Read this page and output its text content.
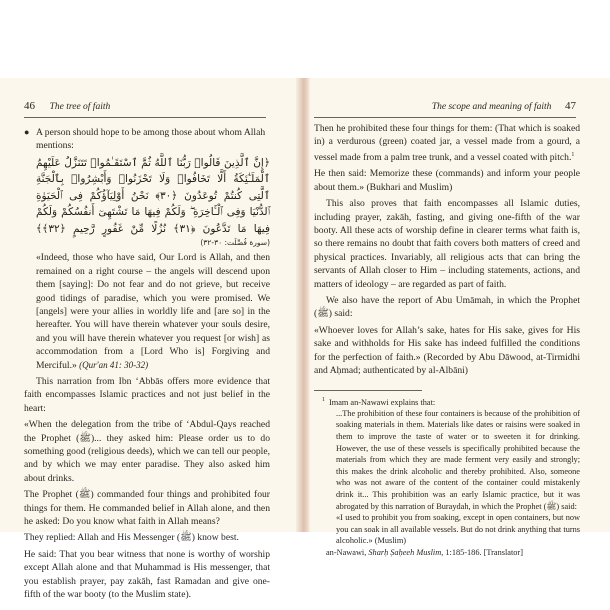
46 The tree of faith
● A person should hope to be among those about whom Allah mentions:
﴿إِنَّ ٱلَّذِينَ قَالُوا۟ رَبُّنَا ٱللَّهُ ثُمَّ ٱسْتَقَـٰمُوا۟ تَتَنَزَّلُ عَلَيْهِمُ ٱلْمَلَـٰٓئِكَةُ أَلَّا تَخَافُوا۟ وَلَا تَحْزَنُوا۟ وَأَبْشِرُوا۟ بِٱلْجَنَّةِ ٱلَّتِى كُنتُمْ تُوعَدُونَ ﴿٣٠﴾ نَحْنُ أَوْلِيَآؤُكُمْ فِى ٱلْحَيَوٰةِ ٱلدُّنْيَا وَفِى ٱلْـَٔاخِرَةِ ۖ وَلَكُمْ فِيهَا مَا تَشْتَهِىٓ أَنفُسُكُمْ وَلَكُمْ فِيهَا مَا تَدَّعُونَ ﴿٣١﴾ نُزُلًا مِّنْ غَفُورٍ رَّحِيمٍ ﴿٣٢﴾﴾
(سورة فُصِّلَت: ٣٠-٣٢)

«Indeed, those who have said, Our Lord is Allah, and then remained on a right course – the angels will descend upon them [saying]: Do not fear and do not grieve, but receive good tidings of paradise, which you were promised. We [angels] were your allies in worldly life and [are so] in the hereafter. You will have therein whatever your souls desire, and you will have therein whatever you request [or wish] as accommodation from a [Lord Who is] Forgiving and Merciful.» (Qur'an 41: 30-32)

This narration from Ibn ‘Abbās offers more evidence that faith encompasses Islamic practices and not just belief in the heart:

«When the delegation from the tribe of ‘Abdul-Qays reached the Prophet (ﷺ)... they asked him: Please order us to do something good (religious deeds), which we can tell our people, and by which we may enter paradise. They also asked him about drinks.

The Prophet (ﷺ) commanded four things and prohibited four things for them. He commanded belief in Allah alone, and then he asked: Do you know what faith in Allah means?

They replied: Allah and His Messenger (ﷺ) know best.

He said: That you bear witness that none is worthy of worship except Allah alone and that Muhammad is His messenger, that you establish prayer, pay zakāh, fast Ramadan and give one-fifth of the war booty (to the Muslim state).

The scope and meaning of faith 47

Then he prohibited these four things for them: (That which is soaked in) a verdurous (green) coated jar, a vessel made from a gourd, a vessel made from a palm tree trunk, and a vessel coated with pitch.$^1$

He then said: Memorize these (commands) and inform your people about them.» (Bukhari and Muslim)

This also proves that faith encompasses all Islamic duties, including prayer, zakāh, fasting, and giving one-fifth of the war booty. All these acts of worship define in clearer terms what faith is, so there remains no doubt that faith covers both matters of creed and physical practices. Invariably, all religious acts that can bring the servants of Allah closer to Him – including statements, actions, and matters of ideology – are regarded as part of faith.

We also have the report of Abu Umāmah, in which the Prophet (ﷺ) said:

«Whoever loves for Allah’s sake, hates for His sake, gives for His sake and withholds for His sake has indeed fulfilled the conditions for the perfection of faith.» (Recorded by Abu Dāwood, at-Tirmidhi and Aḥmad; authenticated by al-Albāni)

$^1$ Imam an-Nawawi explains that:
...The prohibition of these four containers is because of the prohibition of soaking materials in them. Materials like dates or raisins were soaked in them to improve the taste of water or to sweeten it for drinking. However, the use of these vessels is specifically prohibited because the materials from which they are made ferment very easily and strongly; this makes the drink alcoholic and thereby prohibited. Also, someone who was not aware of the content of the container could mistakenly drink it... This prohibition was an early Islamic practice, but it was abrogated by this narration of Buraydah, in which the Prophet (ﷺ) said:
«I used to prohibit you from soaking, except in open containers, but now you can soak in all available vessels. But do not drink anything that turns alcoholic.» (Muslim)
an-Nawawi, Sharḥ Ṣaḥeeh Muslim, 1:185-186. [Translator]
